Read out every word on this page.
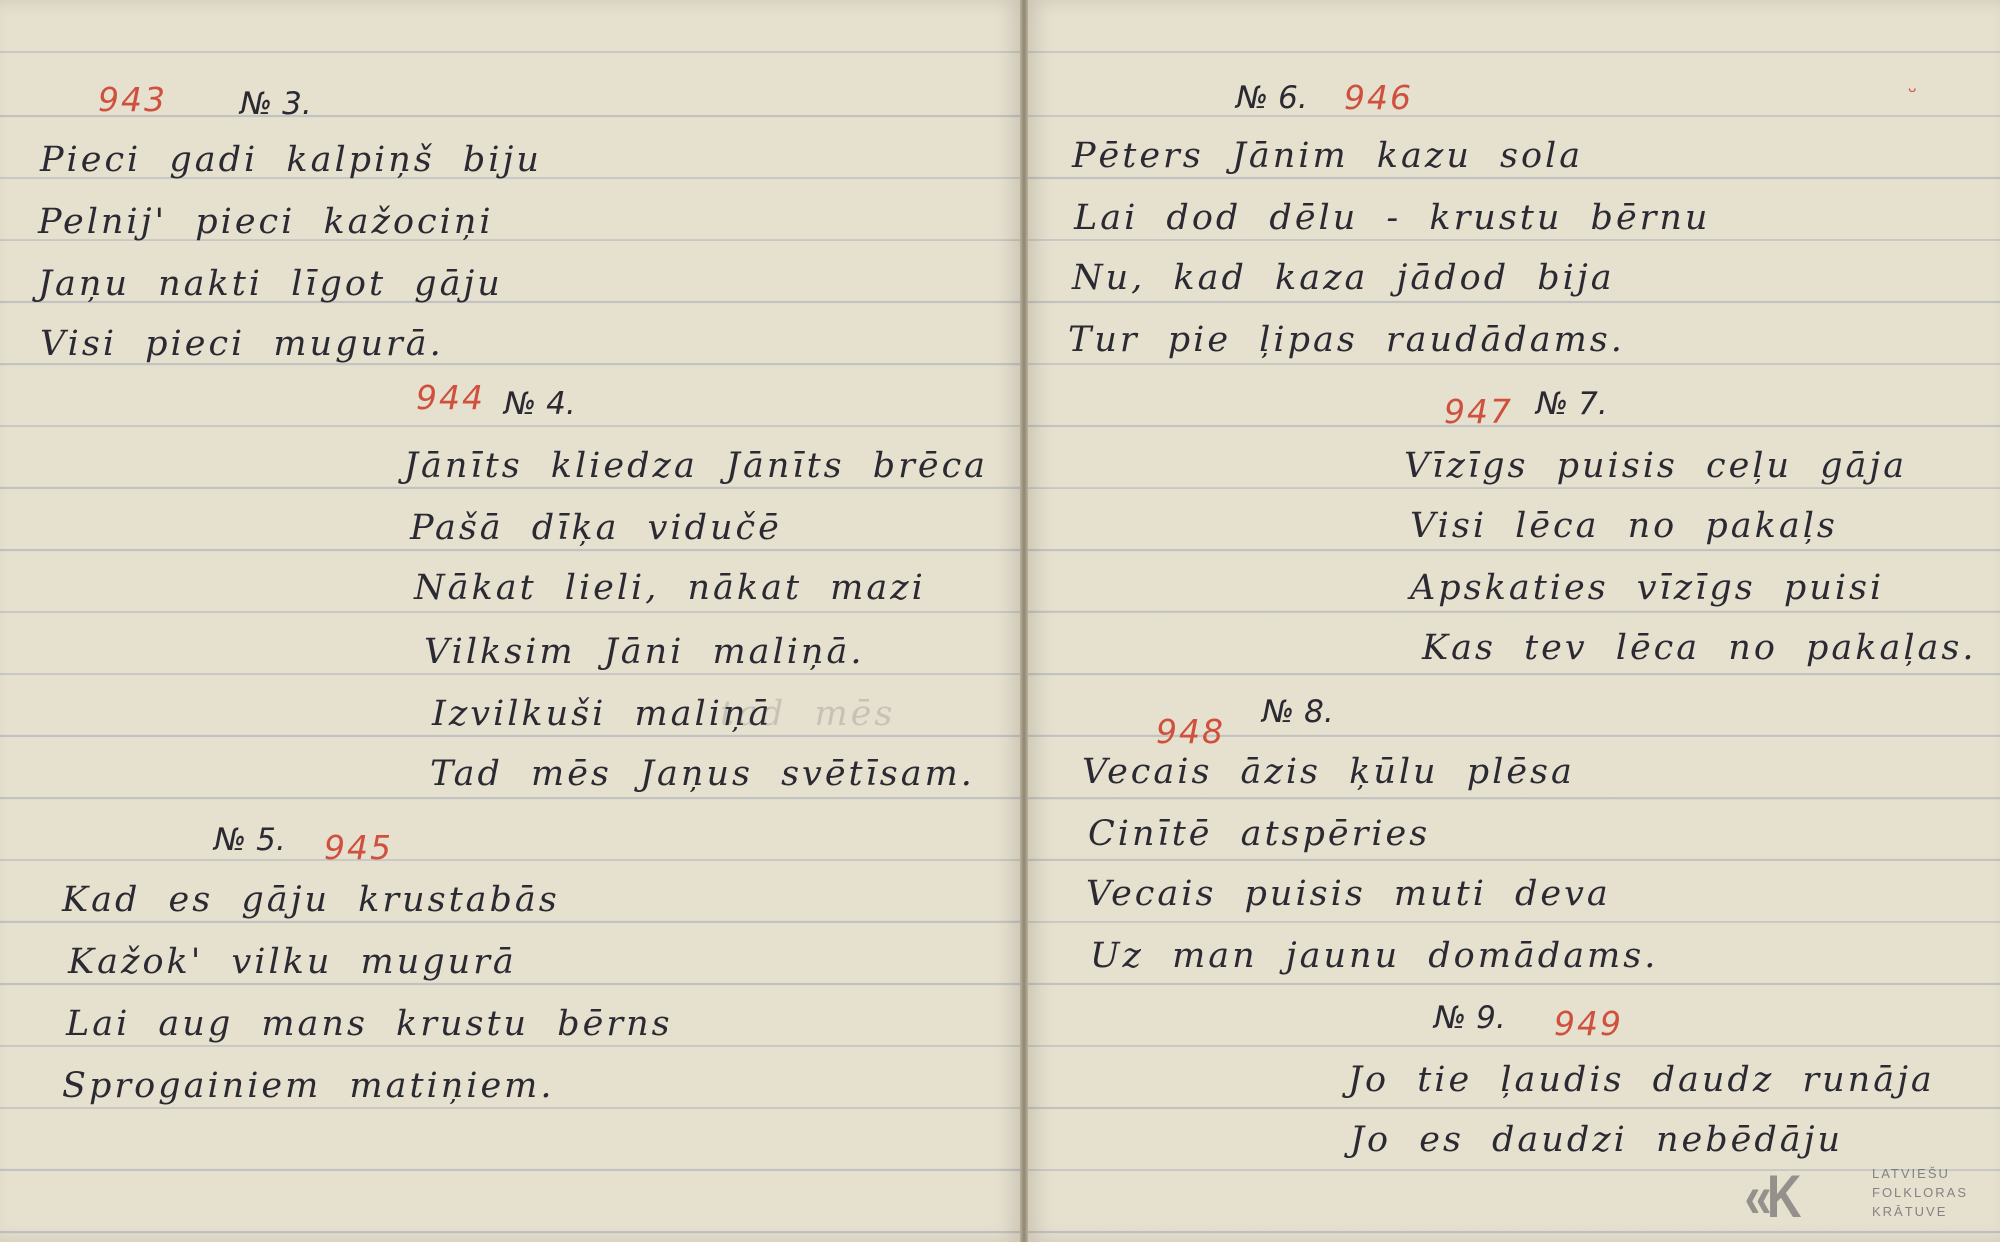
943 № 3.
Pieci gadi kalpiņš biju
Pelnij' pieci kažociņi
Jaņu nakti līgot gāju
Visi pieci mugurā.
944 № 4.
Jānīts kliedza Jānīts brēca
Pašā dīķa vidučē
Nākat lieli, nākat mazi
Vilksim Jāni maliņā.
Izvilkuši maliņā
tad mēs
Tad mēs Jaņus svētīsam.
№ 5. 945
Kad es gāju krustabās
Kažok' vilku mugurā
Lai aug mans krustu bērns
Sprogainiem matiņiem.
№ 6. 946	ᵕ
Pēters Jānim kazu sola
Lai dod dēlu - krustu bērnu
Nu, kad kaza jādod bija
Tur pie ļipas raudādams.
947 № 7.
Vīzīgs puisis ceļu gāja
Visi lēca no pakaļs
Apskaties vīzīgs puisi
Kas tev lēca no pakaļas.
948 № 8.
Vecais āzis ķūlu plēsa
Cinītē atspēries
Vecais puisis muti deva
Uz man jaunu domādams.
№ 9. 949
Jo tie ļaudis daudz runāja
Jo es daudzi nebēdāju
‹‹K	LATVIEŠU
FOLKLORAS
KRĀTUVE
